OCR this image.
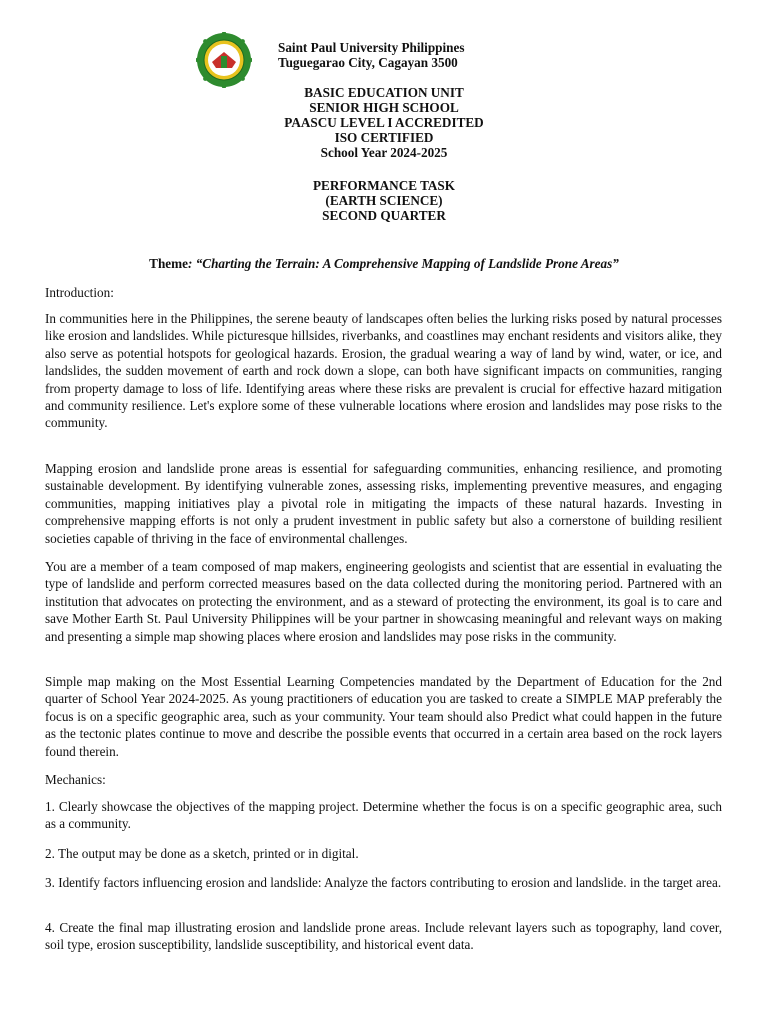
Saint Paul University Philippines
Tuguegarao City, Cagayan 3500
BASIC EDUCATION UNIT
SENIOR HIGH SCHOOL
PAASCU LEVEL I ACCREDITED
ISO CERTIFIED
School Year 2024-2025
PERFORMANCE TASK
(EARTH SCIENCE)
SECOND QUARTER
Theme: “Charting the Terrain: A Comprehensive Mapping of Landslide Prone Areas”

Introduction:

In communities here in the Philippines, the serene beauty of landscapes often belies the lurking risks posed by natural processes like erosion and landslides. While picturesque hillsides, riverbanks, and coastlines may enchant residents and visitors alike, they also serve as potential hotspots for geological hazards. Erosion, the gradual wearing a way of land by wind, water, or ice, and landslides, the sudden movement of earth and rock down a slope, can both have significant impacts on communities, ranging from property damage to loss of life. Identifying areas where these risks are prevalent is crucial for effective hazard mitigation and community resilience. Let's explore some of these vulnerable locations where erosion and landslides may pose risks to the community.

Mapping erosion and landslide prone areas is essential for safeguarding communities, enhancing resilience, and promoting sustainable development. By identifying vulnerable zones, assessing risks, implementing preventive measures, and engaging communities, mapping initiatives play a pivotal role in mitigating the impacts of these natural hazards. Investing in comprehensive mapping efforts is not only a prudent investment in public safety but also a cornerstone of building resilient societies capable of thriving in the face of environmental challenges.

You are a member of a team composed of map makers, engineering geologists and scientist that are essential in evaluating the type of landslide and perform corrected measures based on the data collected during the monitoring period. Partnered with an institution that advocates on protecting the environment, and as a steward of protecting the environment, its goal is to care and save Mother Earth St. Paul University Philippines will be your partner in showcasing meaningful and relevant ways on making and presenting a simple map showing places where erosion and landslides may pose risks in the community.

Simple map making on the Most Essential Learning Competencies mandated by the Department of Education for the 2nd quarter of School Year 2024-2025. As young practitioners of education you are tasked to create a SIMPLE MAP preferably the focus is on a specific geographic area, such as your community. Your team should also Predict what could happen in the future as the tectonic plates continue to move and describe the possible events that occurred in a certain area based on the rock layers found therein.

Mechanics:

1. Clearly showcase the objectives of the mapping project. Determine whether the focus is on a specific geographic area, such as a community.

2. The output may be done as a sketch, printed or in digital.

3. Identify factors influencing erosion and landslide: Analyze the factors contributing to erosion and landslide. in the target area.

4. Create the final map illustrating erosion and landslide prone areas. Include relevant layers such as topography, land cover, soil type, erosion susceptibility, landslide susceptibility, and historical event data.
